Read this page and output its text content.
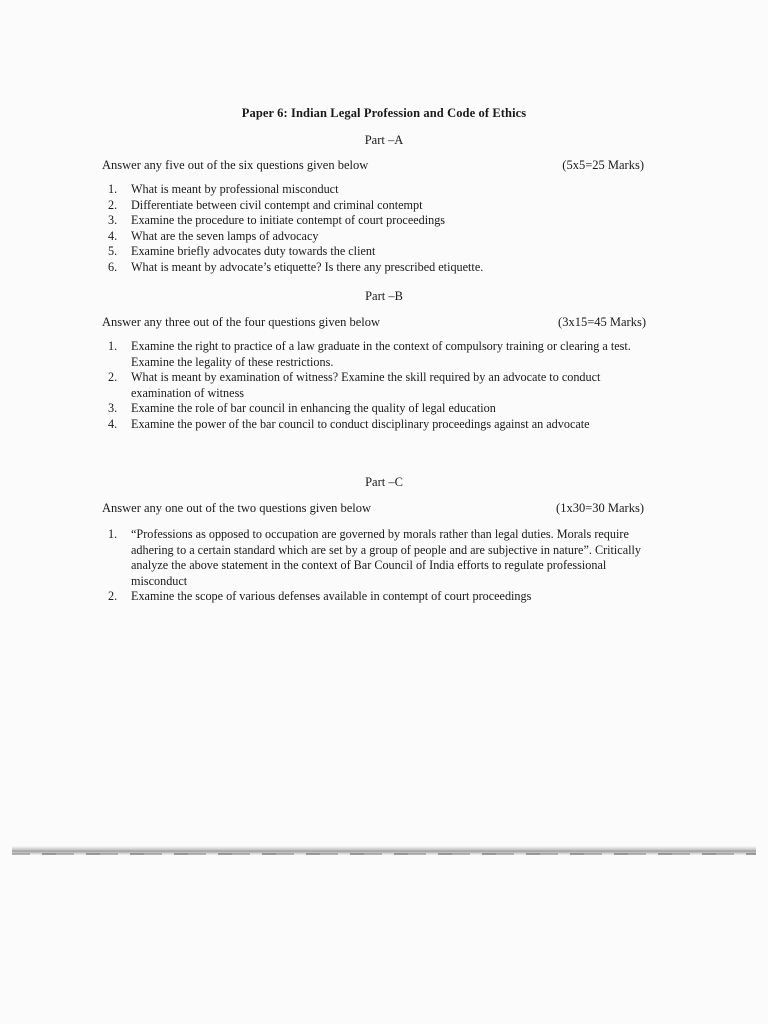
Paper 6: Indian Legal Profession and Code of Ethics
Part –A
Answer any five out of the six questions given below	(5x5=25 Marks)
1.	What is meant by professional misconduct
2.	Differentiate between civil contempt and criminal contempt
3.	Examine the procedure to initiate contempt of court proceedings
4.	What are the seven lamps of advocacy
5.	Examine briefly advocates duty towards the client
6.	What is meant by advocate’s etiquette? Is there any prescribed etiquette.
Part –B
Answer any three out of the four questions given below	(3x15=45 Marks)
1.	Examine the right to practice of a law graduate in the context of compulsory training or clearing a test. Examine the legality of these restrictions.
2.	What is meant by examination of witness? Examine the skill required by an advocate to conduct examination of witness
3.	Examine the role of bar council in enhancing the quality of legal education
4.	Examine the power of the bar council to conduct disciplinary proceedings against an advocate
Part –C
Answer any one out of the two questions given below	(1x30=30 Marks)
1.	“Professions as opposed to occupation are governed by morals rather than legal duties. Morals require adhering to a certain standard which are set by a group of people and are subjective in nature”. Critically analyze the above statement in the context of Bar Council of India efforts to regulate professional misconduct
2.	Examine the scope of various defenses available in contempt of court proceedings
